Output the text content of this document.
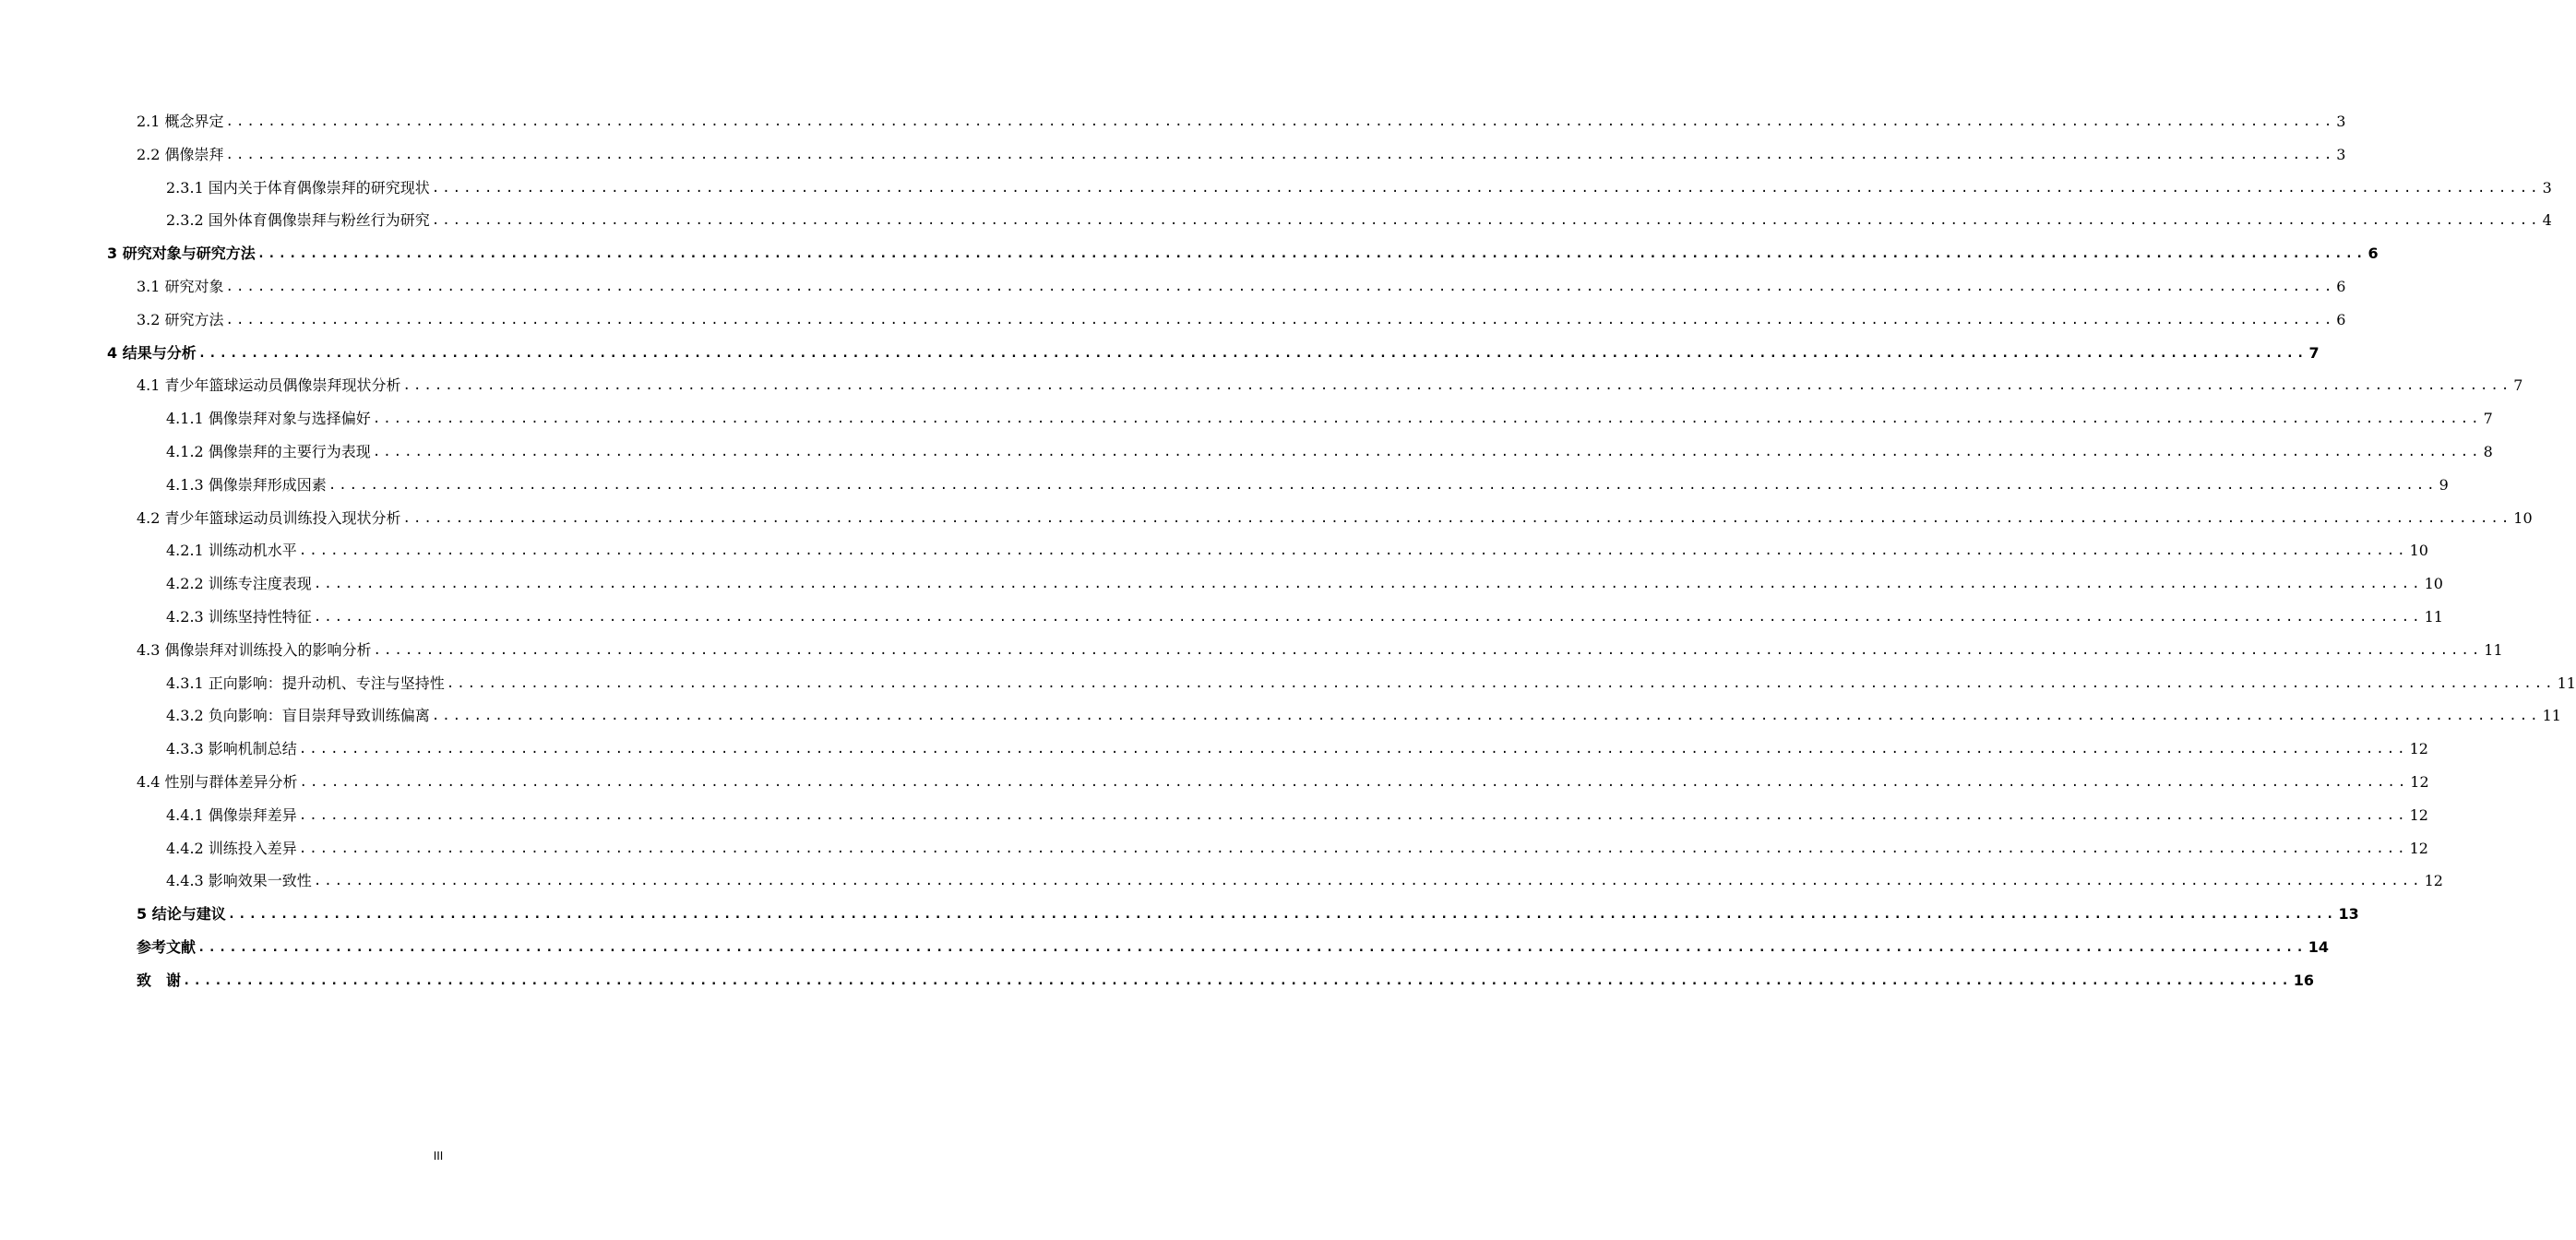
2.1 概念界定 ........................................................................................................................................................................................................ 3
2.2 偶像崇拜 ........................................................................................................................................................................................................ 3
2.3.1 国内关于体育偶像崇拜的研究现状 ........................................................................................................................................................................................................ 3
2.3.2 国外体育偶像崇拜与粉丝行为研究 ........................................................................................................................................................................................................ 4
3 研究对象与研究方法 ........................................................................................................................................................................................................ 6
3.1 研究对象 ........................................................................................................................................................................................................ 6
3.2 研究方法 ........................................................................................................................................................................................................ 6
4 结果与分析 ........................................................................................................................................................................................................ 7
4.1 青少年篮球运动员偶像崇拜现状分析 ........................................................................................................................................................................................................ 7
4.1.1 偶像崇拜对象与选择偏好 ........................................................................................................................................................................................................ 7
4.1.2 偶像崇拜的主要行为表现 ........................................................................................................................................................................................................ 8
4.1.3 偶像崇拜形成因素 ........................................................................................................................................................................................................ 9
4.2 青少年篮球运动员训练投入现状分析 ........................................................................................................................................................................................................ 10
4.2.1 训练动机水平 ........................................................................................................................................................................................................ 10
4.2.2 训练专注度表现 ........................................................................................................................................................................................................ 10
4.2.3 训练坚持性特征 ........................................................................................................................................................................................................ 11
4.3 偶像崇拜对训练投入的影响分析 ........................................................................................................................................................................................................ 11
4.3.1 正向影响：提升动机、专注与坚持性 ........................................................................................................................................................................................................ 11
4.3.2 负向影响：盲目崇拜导致训练偏离 ........................................................................................................................................................................................................ 11
4.3.3 影响机制总结 ........................................................................................................................................................................................................ 12
4.4 性别与群体差异分析 ........................................................................................................................................................................................................ 12
4.4.1 偶像崇拜差异 ........................................................................................................................................................................................................ 12
4.4.2 训练投入差异 ........................................................................................................................................................................................................ 12
4.4.3 影响效果一致性 ........................................................................................................................................................................................................ 12
5 结论与建议 ........................................................................................................................................................................................................ 13
参考文献 ........................................................................................................................................................................................................ 14
致　谢 ........................................................................................................................................................................................................ 16
III
